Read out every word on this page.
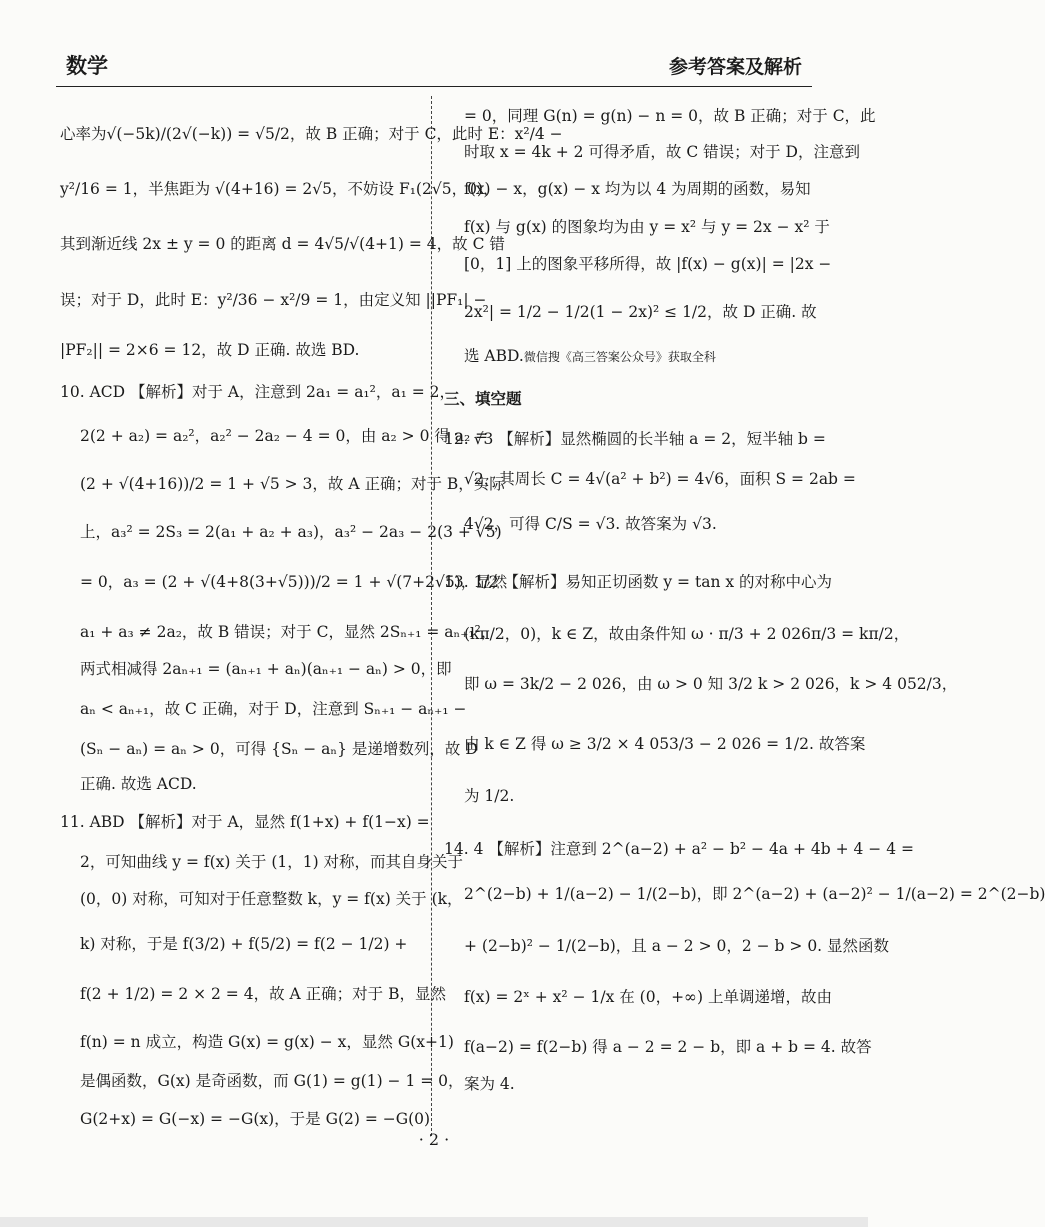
数学	参考答案及解析
心率为√(−5k)/(2√(−k)) = √5/2，故 B 正确；对于 C，此时 E：x²/4 −
y²/16 = 1，半焦距为 √(4+16) = 2√5，不妨设 F₁(2√5，0)，
其到渐近线 2x ± y = 0 的距离 d = 4√5/√(4+1) = 4，故 C 错
误；对于 D，此时 E：y²/36 − x²/9 = 1，由定义知 ||PF₁| −
|PF₂|| = 2×6 = 12，故 D 正确. 故选 BD.
10. ACD 【解析】对于 A，注意到 2a₁ = a₁²，a₁ = 2，
2(2 + a₂) = a₂²，a₂² − 2a₂ − 4 = 0，由 a₂ > 0 得 a₂ =
(2 + √(4+16))/2 = 1 + √5 > 3，故 A 正确；对于 B，实际
上，a₃² = 2S₃ = 2(a₁ + a₂ + a₃)，a₃² − 2a₃ − 2(3 + √5)
= 0，a₃ = (2 + √(4+8(3+√5)))/2 = 1 + √(7+2√5)，显然
a₁ + a₃ ≠ 2a₂，故 B 错误；对于 C，显然 2Sₙ₊₁ = aₙ₊₁²，
两式相减得 2aₙ₊₁ = (aₙ₊₁ + aₙ)(aₙ₊₁ − aₙ) > 0，即
aₙ < aₙ₊₁，故 C 正确，对于 D，注意到 Sₙ₊₁ − aₙ₊₁ −
(Sₙ − aₙ) = aₙ > 0，可得 {Sₙ − aₙ} 是递增数列，故 D
正确. 故选 ACD.
11. ABD 【解析】对于 A，显然 f(1+x) + f(1−x) =
2，可知曲线 y = f(x) 关于 (1，1) 对称，而其自身关于
(0，0) 对称，可知对于任意整数 k，y = f(x) 关于 (k，
k) 对称，于是 f(3/2) + f(5/2) = f(2 − 1/2) +
f(2 + 1/2) = 2 × 2 = 4，故 A 正确；对于 B，显然
f(n) = n 成立，构造 G(x) = g(x) − x，显然 G(x+1)
是偶函数，G(x) 是奇函数，而 G(1) = g(1) − 1 = 0，
G(2+x) = G(−x) = −G(x)，于是 G(2) = −G(0)
= 0，同理 G(n) = g(n) − n = 0，故 B 正确；对于 C，此
时取 x = 4k + 2 可得矛盾，故 C 错误；对于 D，注意到
f(x) − x，g(x) − x 均为以 4 为周期的函数，易知
f(x) 与 g(x) 的图象均为由 y = x² 与 y = 2x − x² 于
[0，1] 上的图象平移所得，故 |f(x) − g(x)| = |2x −
2x²| = 1/2 − 1/2(1 − 2x)² ≤ 1/2，故 D 正确. 故
选 ABD.微信搜《高三答案公众号》获取全科
三、填空题
12. √3 【解析】显然椭圆的长半轴 a = 2，短半轴 b =
√2，其周长 C = 4√(a² + b²) = 4√6，面积 S = 2ab =
4√2，可得 C/S = √3. 故答案为 √3.
13. 1/2 【解析】易知正切函数 y = tan x 的对称中心为
(kπ/2，0)，k ∈ Z，故由条件知 ω · π/3 + 2 026π/3 = kπ/2，
即 ω = 3k/2 − 2 026，由 ω > 0 知 3/2 k > 2 026，k > 4 052/3，
由 k ∈ Z 得 ω ≥ 3/2 × 4 053/3 − 2 026 = 1/2. 故答案
为 1/2.
14. 4 【解析】注意到 2^(a−2) + a² − b² − 4a + 4b + 4 − 4 =
2^(2−b) + 1/(a−2) − 1/(2−b)，即 2^(a−2) + (a−2)² − 1/(a−2) = 2^(2−b)
+ (2−b)² − 1/(2−b)，且 a − 2 > 0，2 − b > 0. 显然函数
f(x) = 2ˣ + x² − 1/x 在 (0，+∞) 上单调递增，故由
f(a−2) = f(2−b) 得 a − 2 = 2 − b，即 a + b = 4. 故答
案为 4.
· 2 ·
